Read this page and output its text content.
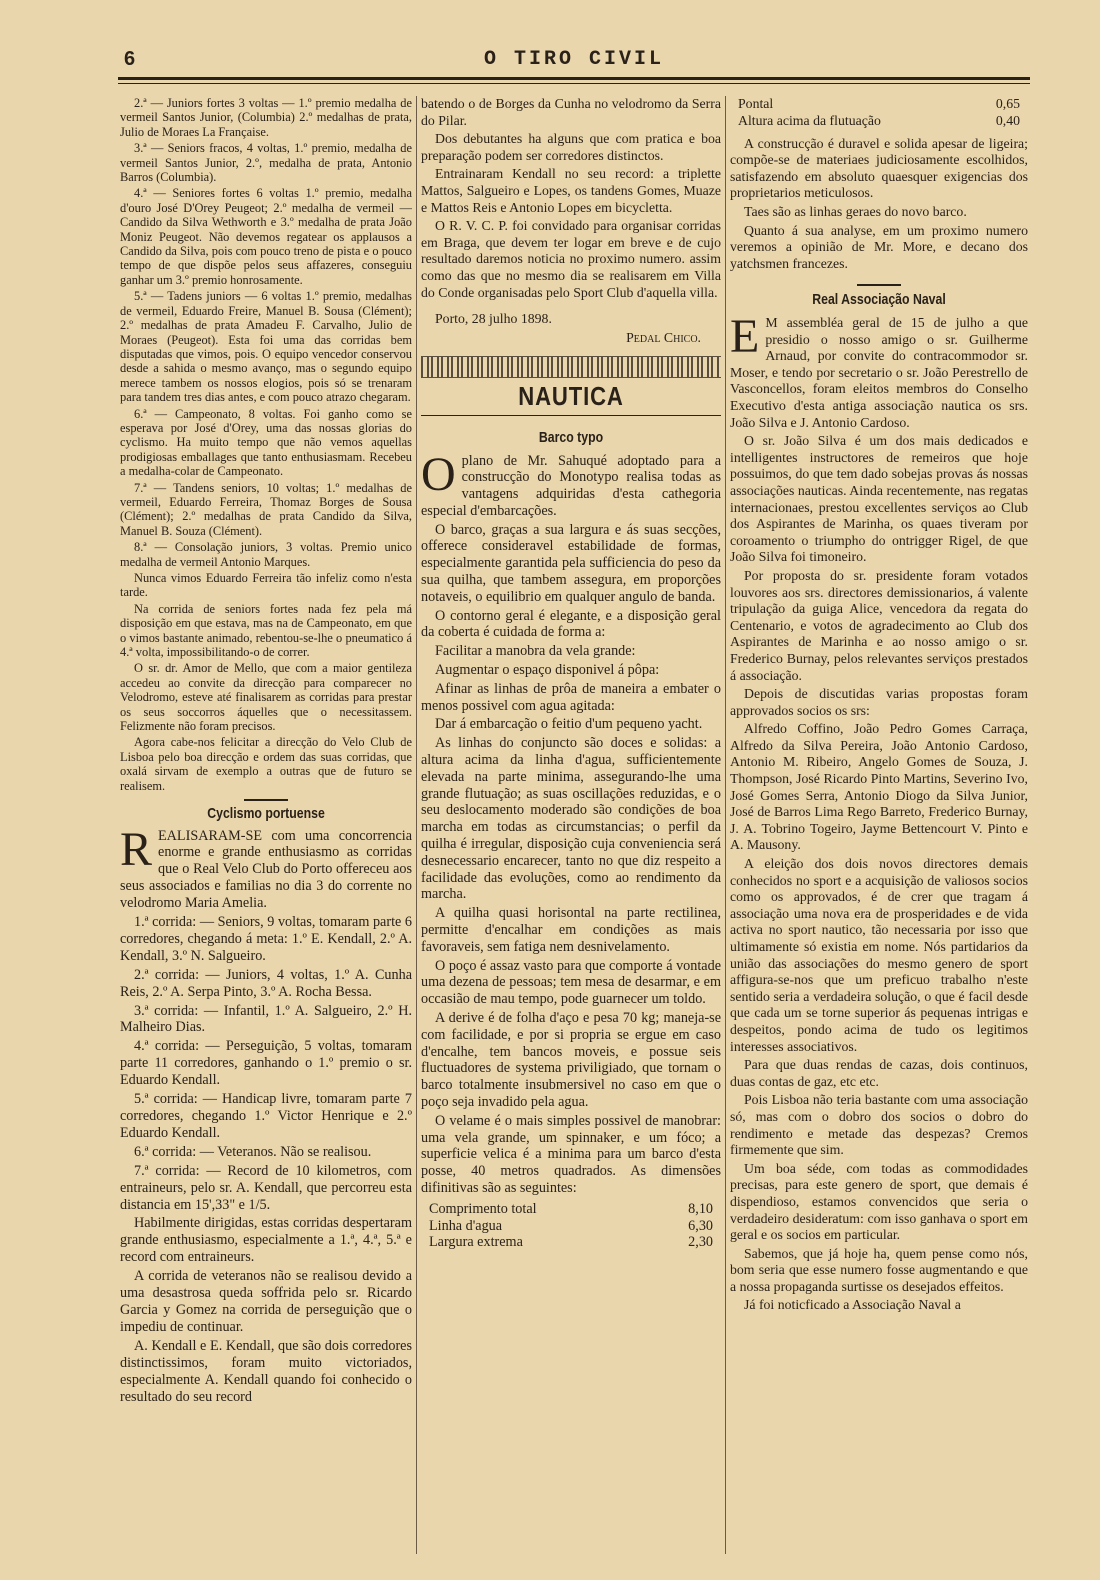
6	O TIRO CIVIL

2.ª — Juniors fortes 3 voltas — 1.º premio medalha de vermeil Santos Junior, (Columbia) 2.º medalhas de prata, Julio de Moraes La Française.

3.ª — Seniors fracos, 4 voltas, 1.º premio, medalha de vermeil Santos Junior, 2.º, medalha de prata, Antonio Barros (Columbia).

4.ª — Seniores fortes 6 voltas 1.º premio, medalha d'ouro José D'Orey Peugeot; 2.º medalha de vermeil — Candido da Silva Wethworth e 3.º medalha de prata João Moniz Peugeot. Não devemos regatear os applausos a Candido da Silva, pois com pouco treno de pista e o pouco tempo de que dispõe pelos seus affazeres, conseguiu ganhar um 3.º premio honrosamente.

5.ª — Tadens juniors — 6 voltas 1.º premio, medalhas de vermeil, Eduardo Freire, Manuel B. Sousa (Clément); 2.º medalhas de prata Amadeu F. Carvalho, Julio de Moraes (Peugeot). Esta foi uma das corridas bem disputadas que vimos, pois. O equipo vencedor conservou desde a sahida o mesmo avanço, mas o segundo equipo merece tambem os nossos elogios, pois só se trenaram para tandem tres dias antes, e com pouco atrazo chegaram.

6.ª — Campeonato, 8 voltas. Foi ganho como se esperava por José d'Orey, uma das nossas glorias do cyclismo. Ha muito tempo que não vemos aquellas prodigiosas emballages que tanto enthusiasmam. Recebeu a medalha-colar de Campeonato.

7.ª — Tandens seniors, 10 voltas; 1.º medalhas de vermeil, Eduardo Ferreira, Thomaz Borges de Sousa (Clément); 2.º medalhas de prata Candido da Silva, Manuel B. Souza (Clément).

8.ª — Consolação juniors, 3 voltas. Premio unico medalha de vermeil Antonio Marques.

Nunca vimos Eduardo Ferreira tão infeliz como n'esta tarde.

Na corrida de seniors fortes nada fez pela má disposição em que estava, mas na de Campeonato, em que o vimos bastante animado, rebentou-se-lhe o pneumatico á 4.ª volta, impossibilitando-o de correr.

O sr. dr. Amor de Mello, que com a maior gentileza accedeu ao convite da direcção para comparecer no Velodromo, esteve até finalisarem as corridas para prestar os seus soccorros áquelles que o necessitassem. Felizmente não foram precisos.

Agora cabe-nos felicitar a direcção do Velo Club de Lisboa pelo boa direcção e ordem das suas corridas, que oxalá sirvam de exemplo a outras que de futuro se realisem.

Cyclismo portuense

REALISARAM-SE com uma concorrencia enorme e grande enthusiasmo as corridas que o Real Velo Club do Porto offereceu aos seus associados e familias no dia 3 do corrente no velodromo Maria Amelia.

1.ª corrida: — Seniors, 9 voltas, tomaram parte 6 corredores, chegando á meta: 1.º E. Kendall, 2.º A. Kendall, 3.º N. Salgueiro.

2.ª corrida: — Juniors, 4 voltas, 1.º A. Cunha Reis, 2.º A. Serpa Pinto, 3.º A. Rocha Bessa.

3.ª corrida: — Infantil, 1.º A. Salgueiro, 2.º H. Malheiro Dias.

4.ª corrida: — Perseguição, 5 voltas, tomaram parte 11 corredores, ganhando o 1.º premio o sr. Eduardo Kendall.

5.ª corrida: — Handicap livre, tomaram parte 7 corredores, chegando 1.º Victor Henrique e 2.º Eduardo Kendall.

6.ª corrida: — Veteranos. Não se realisou.

7.ª corrida: — Record de 10 kilometros, com entraineurs, pelo sr. A. Kendall, que percorreu esta distancia em 15',33" e 1/5.

Habilmente dirigidas, estas corridas despertaram grande enthusiasmo, especialmente a 1.ª, 4.ª, 5.ª e record com entraineurs.

A corrida de veteranos não se realisou devido a uma desastrosa queda soffrida pelo sr. Ricardo Garcia y Gomez na corrida de perseguição que o impediu de continuar.

A. Kendall e E. Kendall, que são dois corredores distinctissimos, foram muito victoriados, especialmente A. Kendall quando foi conhecido o resultado do seu record

batendo o de Borges da Cunha no velodromo da Serra do Pilar.

Dos debutantes ha alguns que com pratica e boa preparação podem ser corredores distinctos.

Entrainaram Kendall no seu record: a triplette Mattos, Salgueiro e Lopes, os tandens Gomes, Muaze e Mattos Reis e Antonio Lopes em bicycletta.

O R. V. C. P. foi convidado para organisar corridas em Braga, que devem ter logar em breve e de cujo resultado daremos noticia no proximo numero. assim como das que no mesmo dia se realisarem em Villa do Conde organisadas pelo Sport Club d'aquella villa.

Porto, 28 julho 1898.

Pedal Chico.
NAUTICA
Barco typo

Oplano de Mr. Sahuqué adoptado para a construcção do Monotypo realisa todas as vantagens adquiridas d'esta cathegoria especial d'embarcações.

O barco, graças a sua largura e ás suas secções, offerece consideravel estabilidade de formas, especialmente garantida pela sufficiencia do peso da sua quilha, que tambem assegura, em proporções notaveis, o equilibrio em qualquer angulo de banda.

O contorno geral é elegante, e a disposição geral da coberta é cuidada de forma a:

Facilitar a manobra da vela grande:

Augmentar o espaço disponivel á pôpa:

Afinar as linhas de prôa de maneira a embater o menos possivel com agua agitada:

Dar á embarcação o feitio d'um pequeno yacht.

As linhas do conjuncto são doces e solidas: a altura acima da linha d'agua, sufficientemente elevada na parte minima, assegurando-lhe uma grande flutuação; as suas oscillações reduzidas, e o seu deslocamento moderado são condições de boa marcha em todas as circumstancias; o perfil da quilha é irregular, disposição cuja conveniencia será desnecessario encarecer, tanto no que diz respeito a facilidade das evoluções, como ao rendimento da marcha.

A quilha quasi horisontal na parte rectilinea, permitte d'encalhar em condições as mais favoraveis, sem fatiga nem desnivelamento.

O poço é assaz vasto para que comporte á vontade uma dezena de pessoas; tem mesa de desarmar, e em occasião de mau tempo, pode guarnecer um toldo.

A derive é de folha d'aço e pesa 70 kg; maneja-se com facilidade, e por si propria se ergue em caso d'encalhe, tem bancos moveis, e possue seis fluctuadores de systema priviligiado, que tornam o barco totalmente insubmersivel no caso em que o poço seja invadido pela agua.

O velame é o mais simples possivel de manobrar: uma vela grande, um spinnaker, e um fóco; a superficie velica é a minima para um barco d'esta posse, 40 metros quadrados. As dimensões difinitivas são as seguintes:

Comprimento total		8,10
Linha d'agua		6,30
Largura extrema		2,30
Pontal		0,65
Altura acima da flutuação		0,40

A construcção é duravel e solida apesar de ligeira; compõe-se de materiaes judiciosamente escolhidos, satisfazendo em absoluto quaesquer exigencias dos proprietarios meticulosos.

Taes são as linhas geraes do novo barco.

Quanto á sua analyse, em um proximo numero veremos a opinião de Mr. More, e decano dos yatchsmen francezes.

Real Associação Naval

E M assembléa geral de 15 de julho a que presidio o nosso amigo o sr. Guilherme Arnaud, por convite do contracommodor sr. Moser, e tendo por secretario o sr. João Perestrello de Vasconcellos, foram eleitos membros do Conselho Executivo d'esta antiga associação nautica os srs. João Silva e J. Antonio Cardoso.

O sr. João Silva é um dos mais dedicados e intelligentes instructores de remeiros que hoje possuimos, do que tem dado sobejas provas ás nossas associações nauticas. Ainda recentemente, nas regatas internacionaes, prestou excellentes serviços ao Club dos Aspirantes de Marinha, os quaes tiveram por coroamento o triumpho do ontrigger Rigel, de que João Silva foi timoneiro.

Por proposta do sr. presidente foram votados louvores aos srs. directores demissionarios, á valente tripulação da guiga Alice, vencedora da regata do Centenario, e votos de agradecimento ao Club dos Aspirantes de Marinha e ao nosso amigo o sr. Frederico Burnay, pelos relevantes serviços prestados á associação.

Depois de discutidas varias propostas foram approvados socios os srs:

Alfredo Coffino, João Pedro Gomes Carraça, Alfredo da Silva Pereira, João Antonio Cardoso, Antonio M. Ribeiro, Angelo Gomes de Souza, J. Thompson, José Ricardo Pinto Martins, Severino Ivo, José Gomes Serra, Antonio Diogo da Silva Junior, José de Barros Lima Rego Barreto, Frederico Burnay, J. A. Tobrino Togeiro, Jayme Bettencourt V. Pinto e A. Mausony.

A eleição dos dois novos directores demais conhecidos no sport e a acquisição de valiosos socios como os approvados, é de crer que tragam á associação uma nova era de prosperidades e de vida activa no sport nautico, tão necessaria por isso que ultimamente só existia em nome. Nós partidarios da união das associações do mesmo genero de sport affigura-se-nos que um preficuo trabalho n'este sentido seria a verdadeira solução, o que é facil desde que cada um se torne superior ás pequenas intrigas e despeitos, pondo acima de tudo os legitimos interesses associativos.

Para que duas rendas de cazas, dois continuos, duas contas de gaz, etc etc.

Pois Lisboa não teria bastante com uma associação só, mas com o dobro dos socios o dobro do rendimento e metade das despezas? Cremos firmemente que sim.

Um boa séde, com todas as commodidades precisas, para este genero de sport, que demais é dispendioso, estamos convencidos que seria o verdadeiro desideratum: com isso ganhava o sport em geral e os socios em particular.

Sabemos, que já hoje ha, quem pense como nós, bom seria que esse numero fosse augmentando e que a nossa propaganda surtisse os desejados effeitos.

Já foi noticficado a Associação Naval a
